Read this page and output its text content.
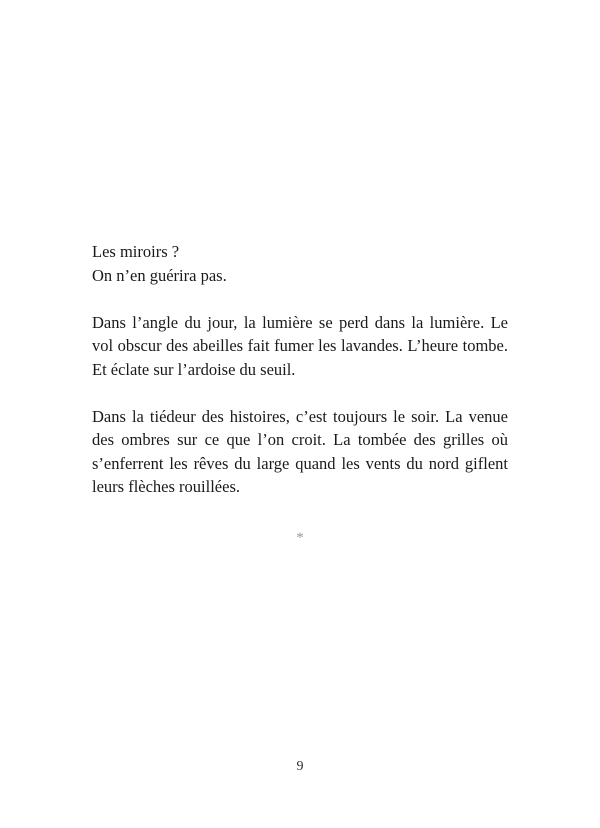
Les miroirs ?

On n’en guérira pas.

Dans l’angle du jour, la lumière se perd dans la lumière. Le vol obscur des abeilles fait fumer les lavandes. L’heure tombe. Et éclate sur l’ardoise du seuil.

Dans la tiédeur des histoires, c’est toujours le soir. La venue des ombres sur ce que l’on croit. La tombée des grilles où s’enferrent les rêves du large quand les vents du nord giflent leurs flèches rouillées.

*
9
